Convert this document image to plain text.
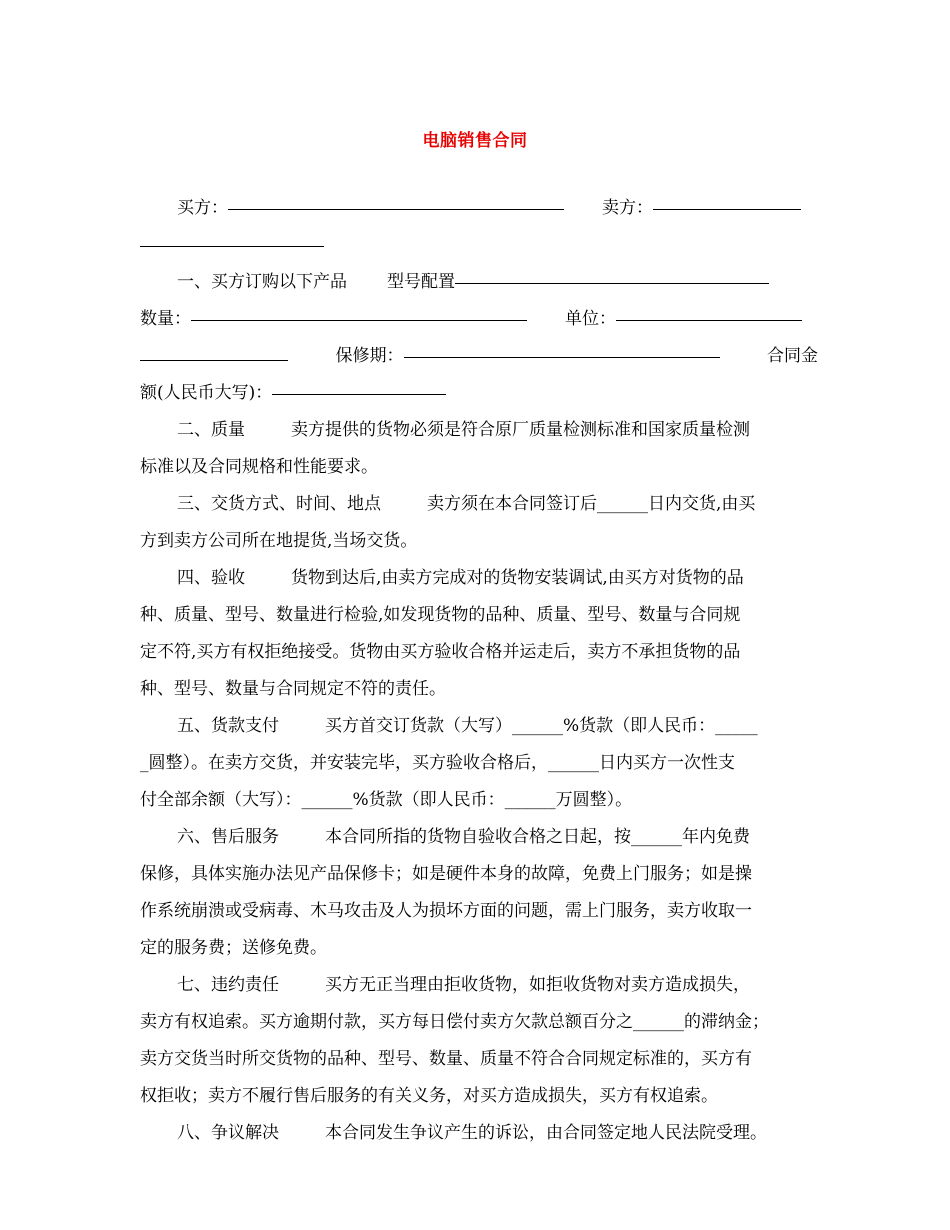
电脑销售合同
买方：	卖方：
一、买方订购以下产品 型号配置
数量：	单位：
保修期：	合同金
额(人民币大写)：
二、质量	卖方提供的货物必须是符合原厂质量检测标准和国家质量检测
标准以及合同规格和性能要求。
三、交货方式、时间、地点	卖方须在本合同签订后______日内交货,由买
方到卖方公司所在地提货,当场交货。
四、验收	货物到达后,由卖方完成对的货物安装调试,由买方对货物的品
种、质量、型号、数量进行检验,如发现货物的品种、质量、型号、数量与合同规
定不符,买方有权拒绝接受。货物由买方验收合格并运走后，卖方不承担货物的品
种、型号、数量与合同规定不符的责任。
五、货款支付	买方首交订货款（大写）______%货款（即人民币：_____
_圆整）。在卖方交货，并安装完毕，买方验收合格后，______日内买方一次性支
付全部余额（大写）：______%货款（即人民币：______万圆整）。
六、售后服务	本合同所指的货物自验收合格之日起，按______年内免费
保修，具体实施办法见产品保修卡；如是硬件本身的故障，免费上门服务；如是操
作系统崩溃或受病毒、木马攻击及人为损坏方面的问题，需上门服务，卖方收取一
定的服务费；送修免费。
七、违约责任	买方无正当理由拒收货物，如拒收货物对卖方造成损失，
卖方有权追索。买方逾期付款，买方每日偿付卖方欠款总额百分之______的滞纳金；
卖方交货当时所交货物的品种、型号、数量、质量不符合合同规定标准的，买方有
权拒收；卖方不履行售后服务的有关义务，对买方造成损失，买方有权追索。
八、争议解决	本合同发生争议产生的诉讼，由合同签定地人民法院受理。
